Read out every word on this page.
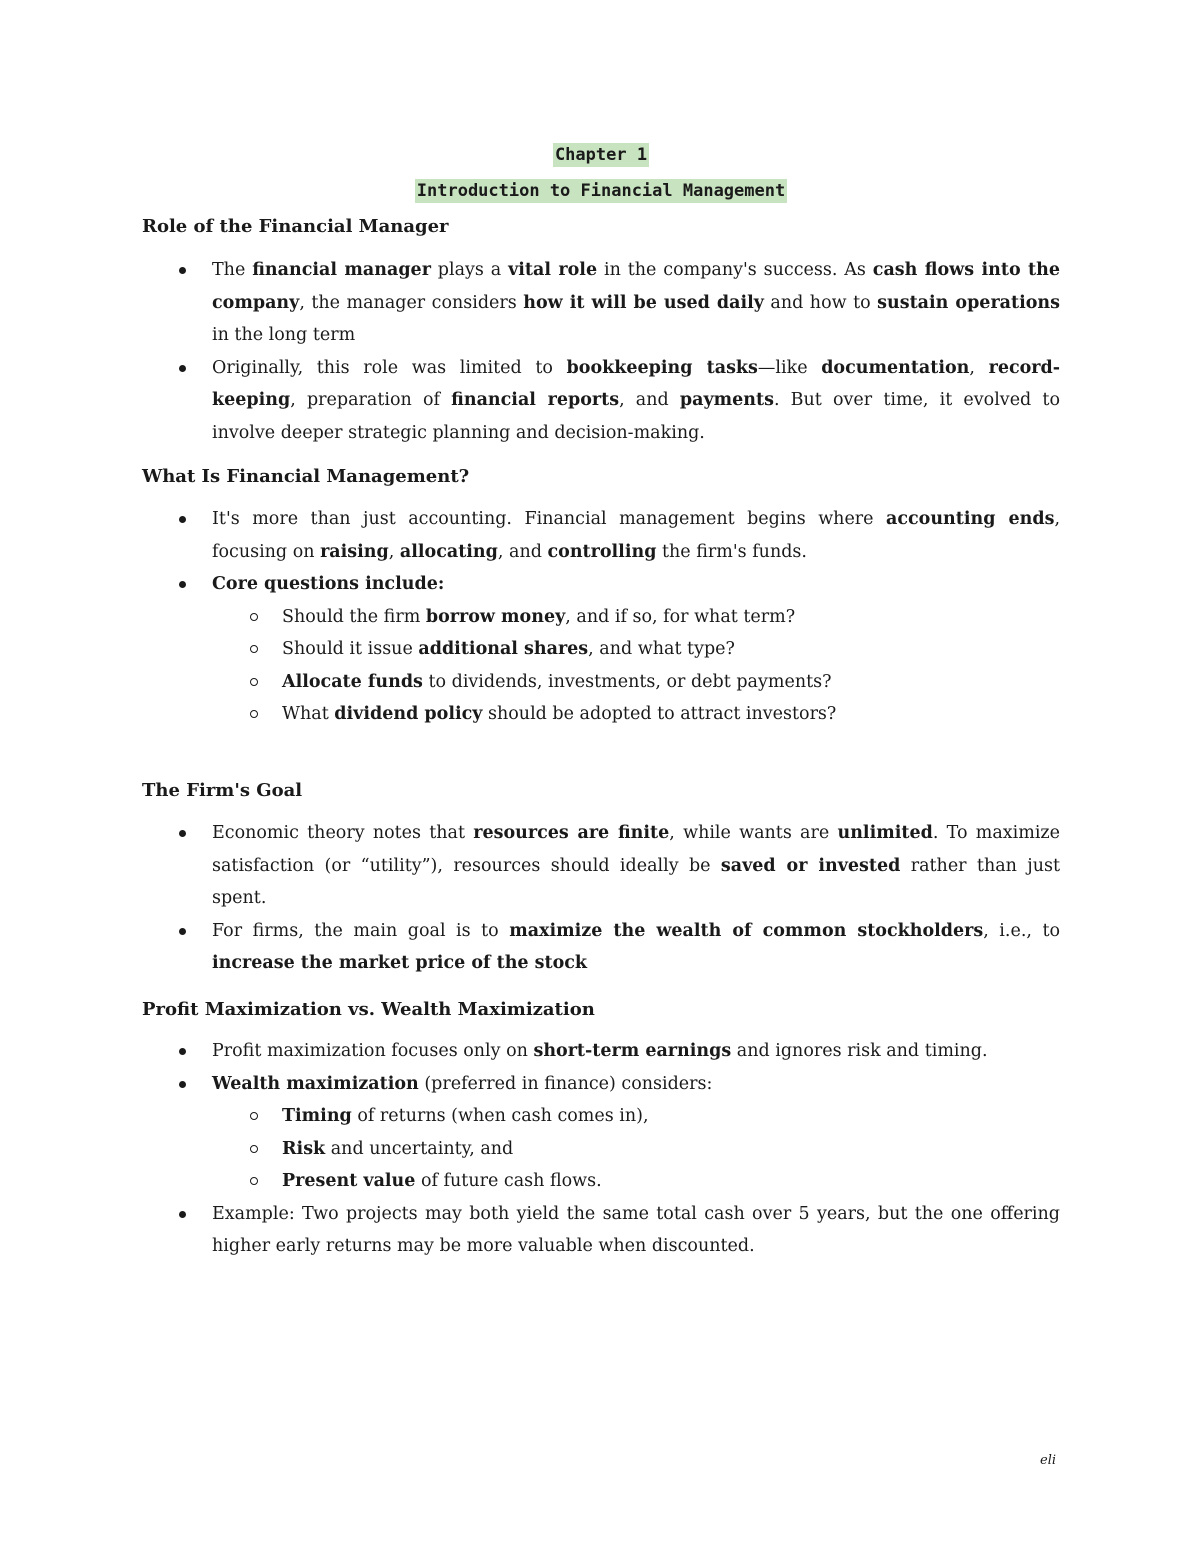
Chapter 1
Introduction to Financial Management

Role of the Financial Manager

The financial manager plays a vital role in the company's success. As cash flows into the company, the manager considers how it will be used daily and how to sustain operations in the long term
Originally, this role was limited to bookkeeping tasks—like documentation, record-keeping, preparation of financial reports, and payments. But over time, it evolved to involve deeper strategic planning and decision-making.

What Is Financial Management?

It's more than just accounting. Financial management begins where accounting ends, focusing on raising, allocating, and controlling the firm's funds.
Core questions include:
Should the firm borrow money, and if so, for what term?
Should it issue additional shares, and what type?
Allocate funds to dividends, investments, or debt payments?
What dividend policy should be adopted to attract investors?

The Firm's Goal

Economic theory notes that resources are finite, while wants are unlimited. To maximize satisfaction (or “utility”), resources should ideally be saved or invested rather than just spent.
For firms, the main goal is to maximize the wealth of common stockholders, i.e., to increase the market price of the stock

Profit Maximization vs. Wealth Maximization

Profit maximization focuses only on short-term earnings and ignores risk and timing.
Wealth maximization (preferred in finance) considers:
Timing of returns (when cash comes in),
Risk and uncertainty, and
Present value of future cash flows.
Example: Two projects may both yield the same total cash over 5 years, but the one offering higher early returns may be more valuable when discounted.
eli
